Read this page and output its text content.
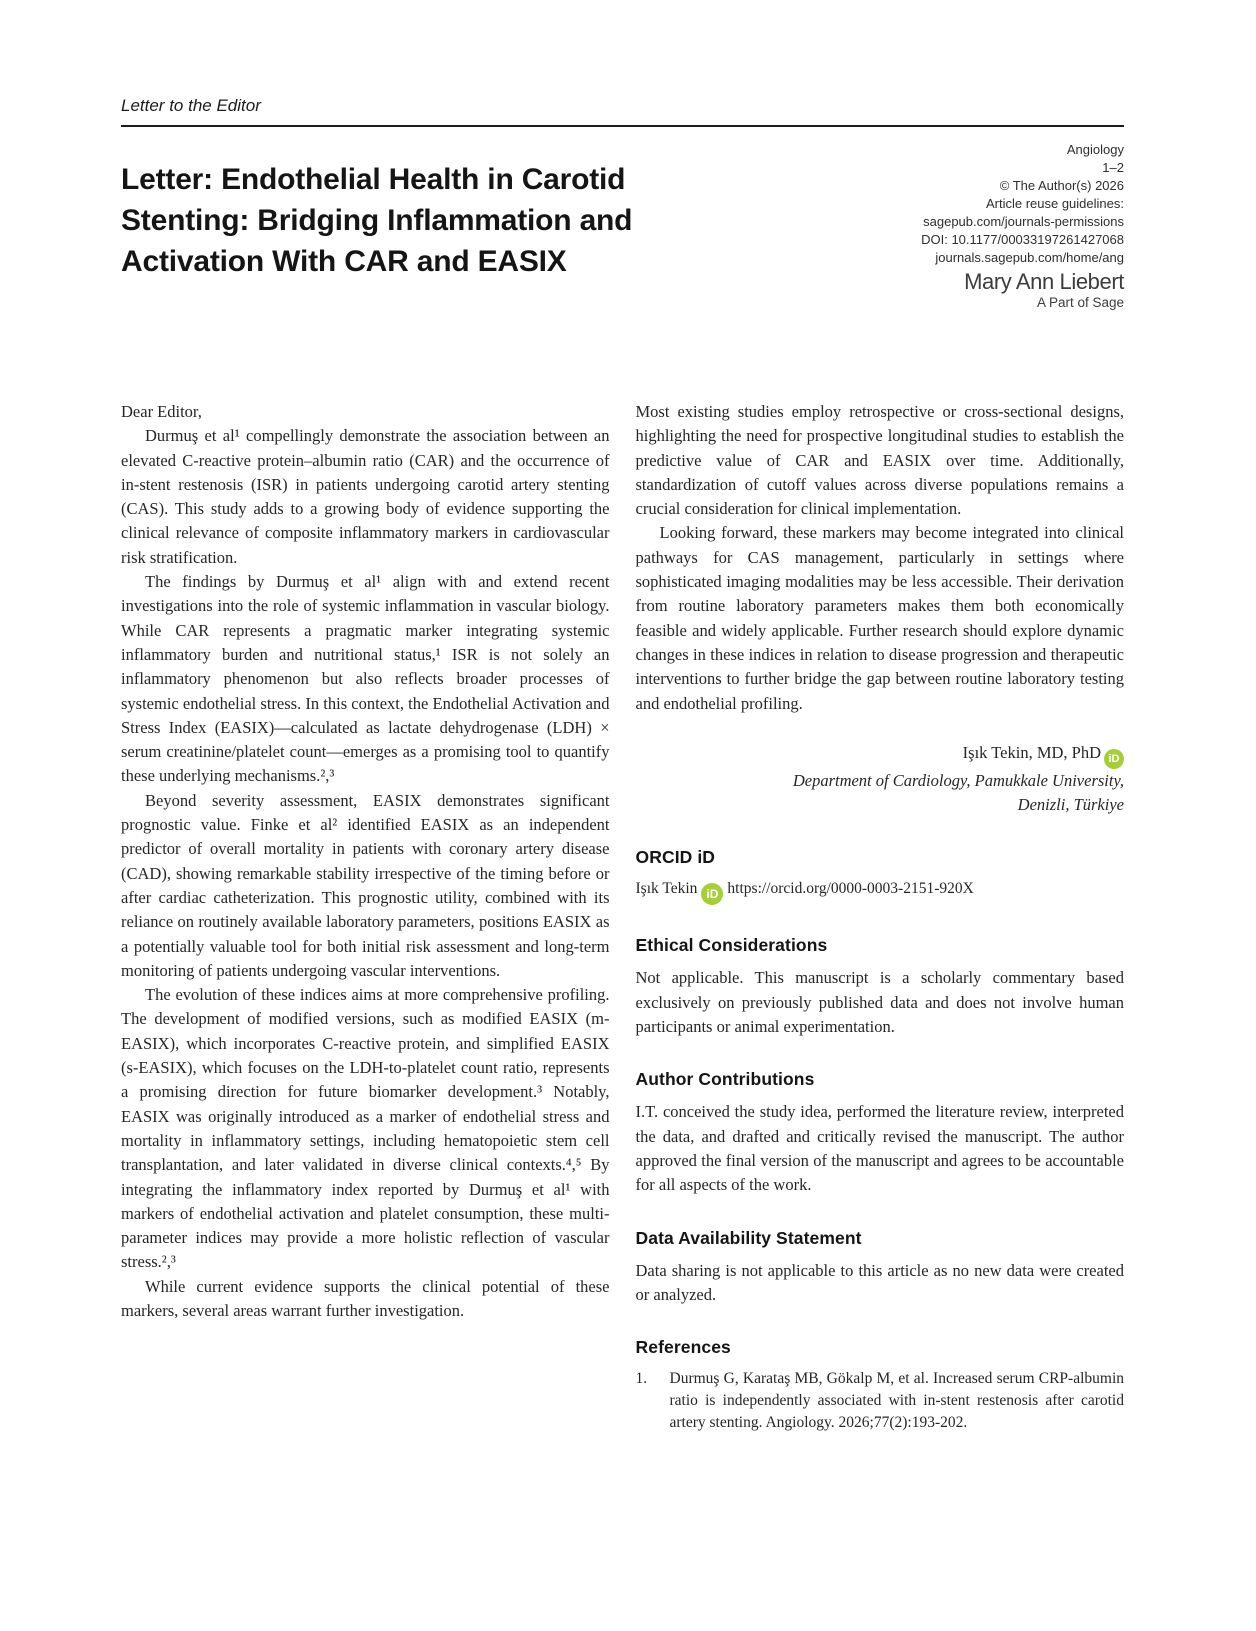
Letter to the Editor
Letter: Endothelial Health in Carotid
Stenting: Bridging Inflammation and
Activation With CAR and EASIX
Angiology
1–2
© The Author(s) 2026
Article reuse guidelines:
sagepub.com/journals-permissions
DOI: 10.1177/00033197261427068
journals.sagepub.com/home/ang
Mary Ann Liebert
A Part of Sage

Dear Editor,

Durmuş et al¹ compellingly demonstrate the association between an elevated C-reactive protein–albumin ratio (CAR) and the occurrence of in-stent restenosis (ISR) in patients undergoing carotid artery stenting (CAS). This study adds to a growing body of evidence supporting the clinical relevance of composite inflammatory markers in cardiovascular risk stratification.

The findings by Durmuş et al¹ align with and extend recent investigations into the role of systemic inflammation in vascular biology. While CAR represents a pragmatic marker integrating systemic inflammatory burden and nutritional status,¹ ISR is not solely an inflammatory phenomenon but also reflects broader processes of systemic endothelial stress. In this context, the Endothelial Activation and Stress Index (EASIX)—calculated as lactate dehydrogenase (LDH) × serum creatinine/platelet count—emerges as a promising tool to quantify these underlying mechanisms.²,³

Beyond severity assessment, EASIX demonstrates significant prognostic value. Finke et al² identified EASIX as an independent predictor of overall mortality in patients with coronary artery disease (CAD), showing remarkable stability irrespective of the timing before or after cardiac catheterization. This prognostic utility, combined with its reliance on routinely available laboratory parameters, positions EASIX as a potentially valuable tool for both initial risk assessment and long-term monitoring of patients undergoing vascular interventions.

The evolution of these indices aims at more comprehensive profiling. The development of modified versions, such as modified EASIX (m-EASIX), which incorporates C-reactive protein, and simplified EASIX (s-EASIX), which focuses on the LDH-to-platelet count ratio, represents a promising direction for future biomarker development.³ Notably, EASIX was originally introduced as a marker of endothelial stress and mortality in inflammatory settings, including hematopoietic stem cell transplantation, and later validated in diverse clinical contexts.⁴,⁵ By integrating the inflammatory index reported by Durmuş et al¹ with markers of endothelial activation and platelet consumption, these multi-parameter indices may provide a more holistic reflection of vascular stress.²,³

While current evidence supports the clinical potential of these markers, several areas warrant further investigation.

Most existing studies employ retrospective or cross-sectional designs, highlighting the need for prospective longitudinal studies to establish the predictive value of CAR and EASIX over time. Additionally, standardization of cutoff values across diverse populations remains a crucial consideration for clinical implementation.

Looking forward, these markers may become integrated into clinical pathways for CAS management, particularly in settings where sophisticated imaging modalities may be less accessible. Their derivation from routine laboratory parameters makes them both economically feasible and widely applicable. Further research should explore dynamic changes in these indices in relation to disease progression and therapeutic interventions to further bridge the gap between routine laboratory testing and endothelial profiling.

Işık Tekin, MD, PhD iD
Department of Cardiology, Pamukkale University,
Denizli, Türkiye
ORCID iD
Işık Tekin iD https://orcid.org/0000-0003-2151-920X
Ethical Considerations

Not applicable. This manuscript is a scholarly commentary based exclusively on previously published data and does not involve human participants or animal experimentation.

Author Contributions

I.T. conceived the study idea, performed the literature review, interpreted the data, and drafted and critically revised the manuscript. The author approved the final version of the manuscript and agrees to be accountable for all aspects of the work.

Data Availability Statement

Data sharing is not applicable to this article as no new data were created or analyzed.

References
1.	Durmuş G, Karataş MB, Gökalp M, et al. Increased serum CRP-albumin ratio is independently associated with in-stent restenosis after carotid artery stenting. Angiology. 2026;77(2):193-202.
